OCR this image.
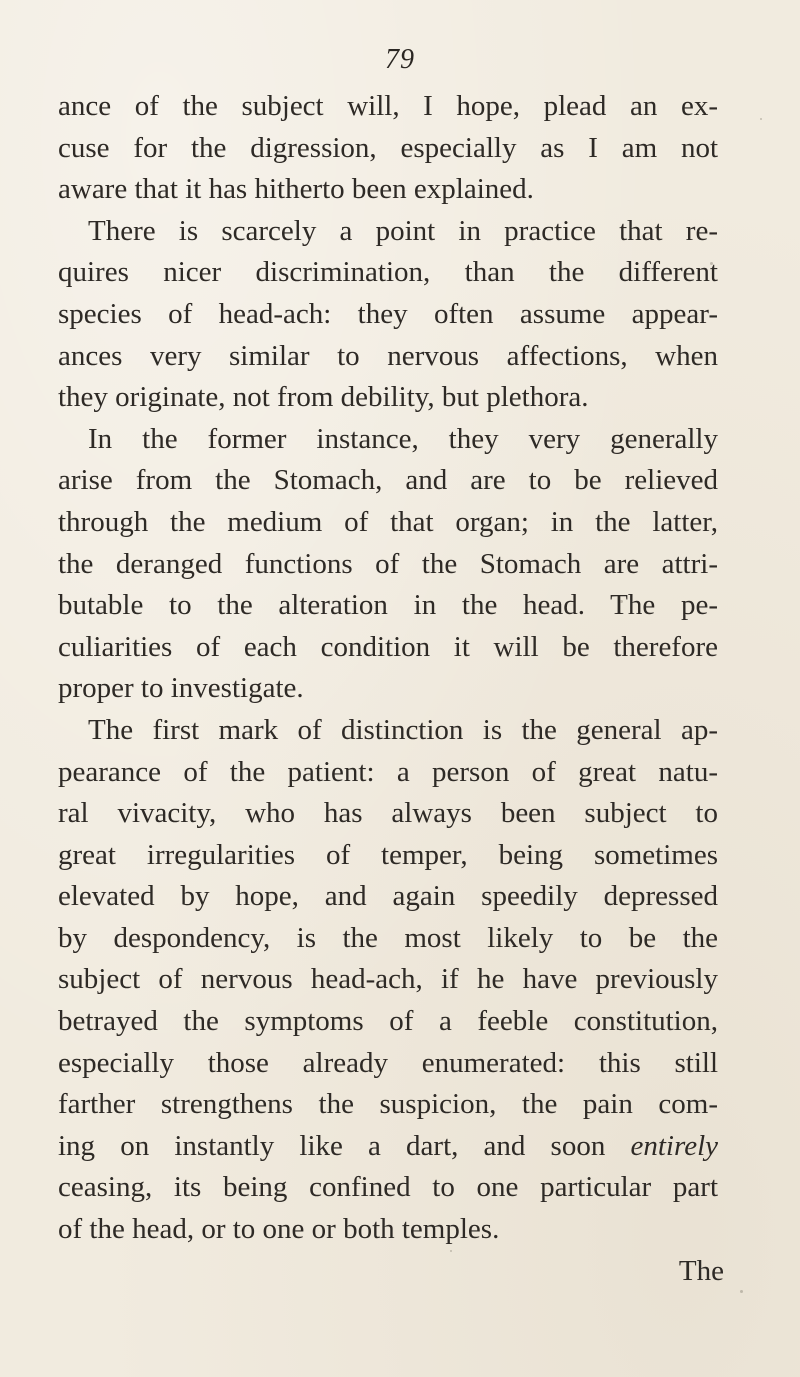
79
ance of the subject will, I hope, plead an ex-
cuse for the digression, especially as I am not
aware that it has hitherto been explained.
There is scarcely a point in practice that re-
quires nicer discrimination, than the different
species of head-ach: they often assume appear-
ances very similar to nervous affections, when
they originate, not from debility, but plethora.
In the former instance, they very generally
arise from the Stomach, and are to be relieved
through the medium of that organ; in the latter,
the deranged functions of the Stomach are attri-
butable to the alteration in the head. The pe-
culiarities of each condition it will be therefore
proper to investigate.
The first mark of distinction is the general ap-
pearance of the patient: a person of great natu-
ral vivacity, who has always been subject to
great irregularities of temper, being sometimes
elevated by hope, and again speedily depressed
by despondency, is the most likely to be the
subject of nervous head-ach, if he have previously
betrayed the symptoms of a feeble constitution,
especially those already enumerated: this still
farther strengthens the suspicion, the pain com-
ing on instantly like a dart, and soon entirely
ceasing, its being confined to one particular part
of the head, or to one or both temples.
The
